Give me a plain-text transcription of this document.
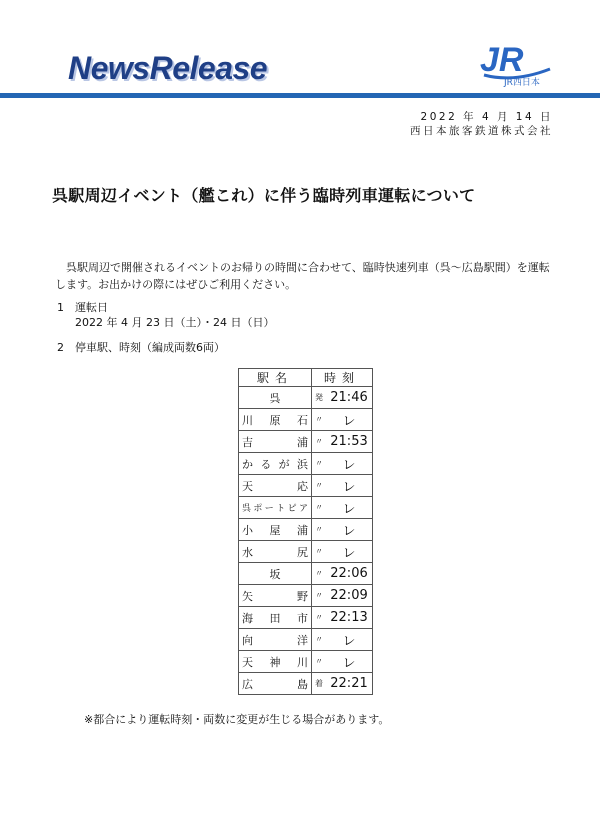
NewsRelease	JR
JR西日本
2022 年 4 月 14 日
西日本旅客鉄道株式会社
呉駅周辺イベント（艦これ）に伴う臨時列車運転について
呉駅周辺で開催されるイベントのお帰りの時間に合わせて、臨時快速列車（呉～広島駅間）を運転します。お出かけの際にはぜひご利用ください。
1 運転日
2022 年 4 月 23 日（土）・24 日（日）
2 停車駅、時刻（編成両数6両）
駅名	時刻	

呉	発	21:46

川原石	〃	レ

吉浦	〃	21:53

かるが浜	〃	レ

天応	〃	レ

呉ポートピア	〃	レ

小屋浦	〃	レ

水尻	〃	レ

坂	〃	22:06

矢野	〃	22:09

海田市	〃	22:13

向洋	〃	レ

天神川	〃	レ

広島	着	22:21
※都合により運転時刻・両数に変更が生じる場合があります。
